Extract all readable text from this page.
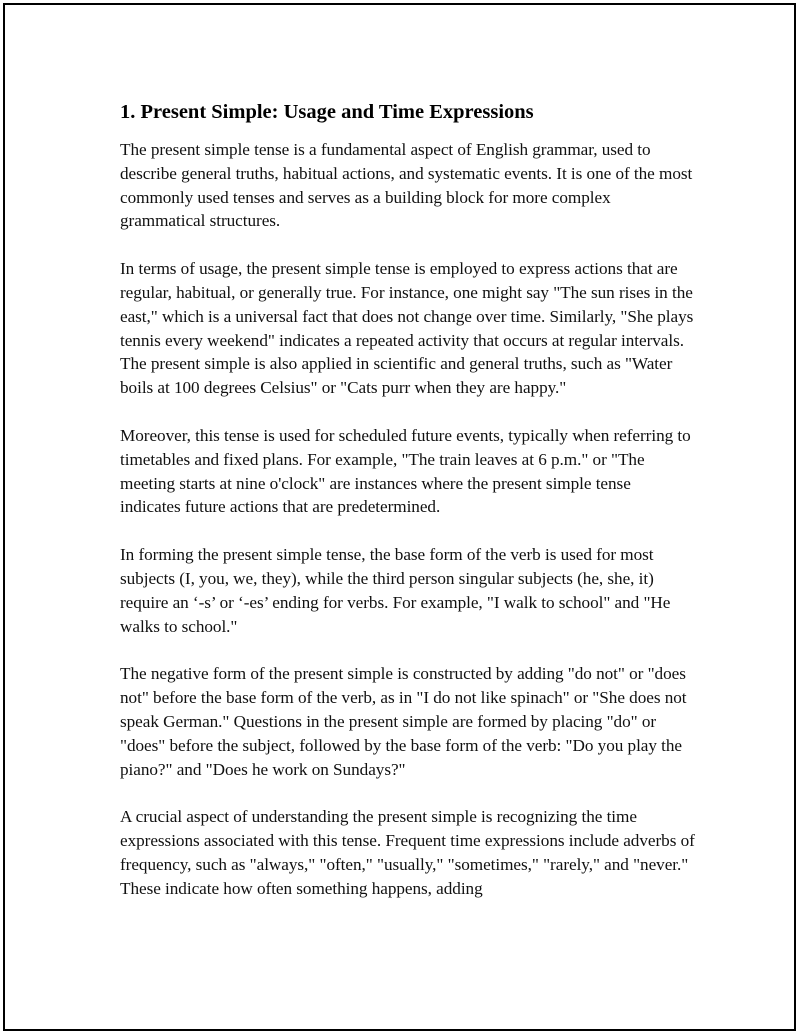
1. Present Simple: Usage and Time Expressions

The present simple tense is a fundamental aspect of English grammar, used to describe general truths, habitual actions, and systematic events. It is one of the most commonly used tenses and serves as a building block for more complex grammatical structures.

In terms of usage, the present simple tense is employed to express actions that are regular, habitual, or generally true. For instance, one might say "The sun rises in the east," which is a universal fact that does not change over time. Similarly, "She plays tennis every weekend" indicates a repeated activity that occurs at regular intervals. The present simple is also applied in scientific and general truths, such as "Water boils at 100 degrees Celsius" or "Cats purr when they are happy."

Moreover, this tense is used for scheduled future events, typically when referring to timetables and fixed plans. For example, "The train leaves at 6 p.m." or "The meeting starts at nine o'clock" are instances where the present simple tense indicates future actions that are predetermined.

In forming the present simple tense, the base form of the verb is used for most subjects (I, you, we, they), while the third person singular subjects (he, she, it) require an ‘-s’ or ‘-es’ ending for verbs. For example, "I walk to school" and "He walks to school."

The negative form of the present simple is constructed by adding "do not" or "does not" before the base form of the verb, as in "I do not like spinach" or "She does not speak German." Questions in the present simple are formed by placing "do" or "does" before the subject, followed by the base form of the verb: "Do you play the piano?" and "Does he work on Sundays?"

A crucial aspect of understanding the present simple is recognizing the time expressions associated with this tense. Frequent time expressions include adverbs of frequency, such as "always," "often," "usually," "sometimes," "rarely," and "never." These indicate how often something happens, adding
